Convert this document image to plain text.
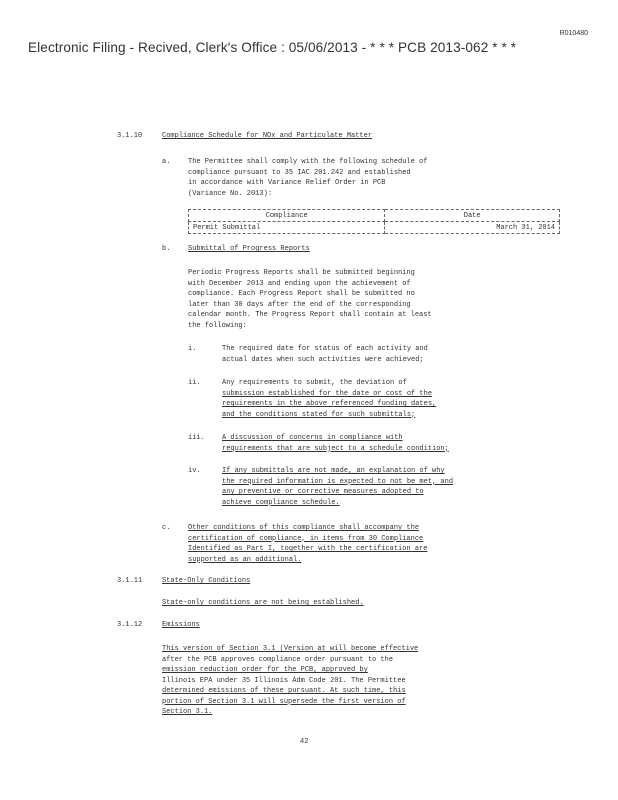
R010480
Electronic Filing - Recived, Clerk's Office : 05/06/2013 - * * * PCB 2013-062 * * *
3.1.10	Compliance Schedule for NOx and Particulate Matter
a.	The Permittee shall comply with the following schedule of
compliance pursuant to 35 IAC 201.242 and established
in accordance with Variance Relief Order in PCB
(Variance No. 2013):
Compliance	Date
Permit Submittal	March 31, 2014
b.	Submittal of Progress Reports
Periodic Progress Reports shall be submitted beginning
with December 2013 and ending upon the achievement of
compliance. Each Progress Report shall be submitted no
later than 30 days after the end of the corresponding
calendar month. The Progress Report shall contain at least
the following:
i.	The required date for status of each activity and
actual dates when such activities were achieved;
ii.	Any requirements to submit, the deviation of
submission established for the date or cost of the
requirements in the above referenced funding dates,
and the conditions stated for such submittals;
iii. A discussion of concerns in compliance with
requirements that are subject to a schedule condition;
iv.	If any submittals are not made, an explanation of why
the required information is expected to not be met, and
any preventive or corrective measures adopted to
achieve compliance schedule.
c.	Other conditions of this compliance shall accompany the
certification of compliance, in items from 30 Compliance
Identified as Part I, together with the certification are
supported as an additional.
3.1.11	State-Only Conditions
State-only conditions are not being established.
3.1.12	Emissions
This version of Section 3.1 (Version at will become effective
after the PCB approves compliance order pursuant to the
emission reduction order for the PCB, approved by
Illinois EPA under 35 Illinois Adm Code 201. The Permittee
determined emissions of these pursuant. At such time, this
portion of Section 3.1 will supersede the first version of
Section 3.1.
42
